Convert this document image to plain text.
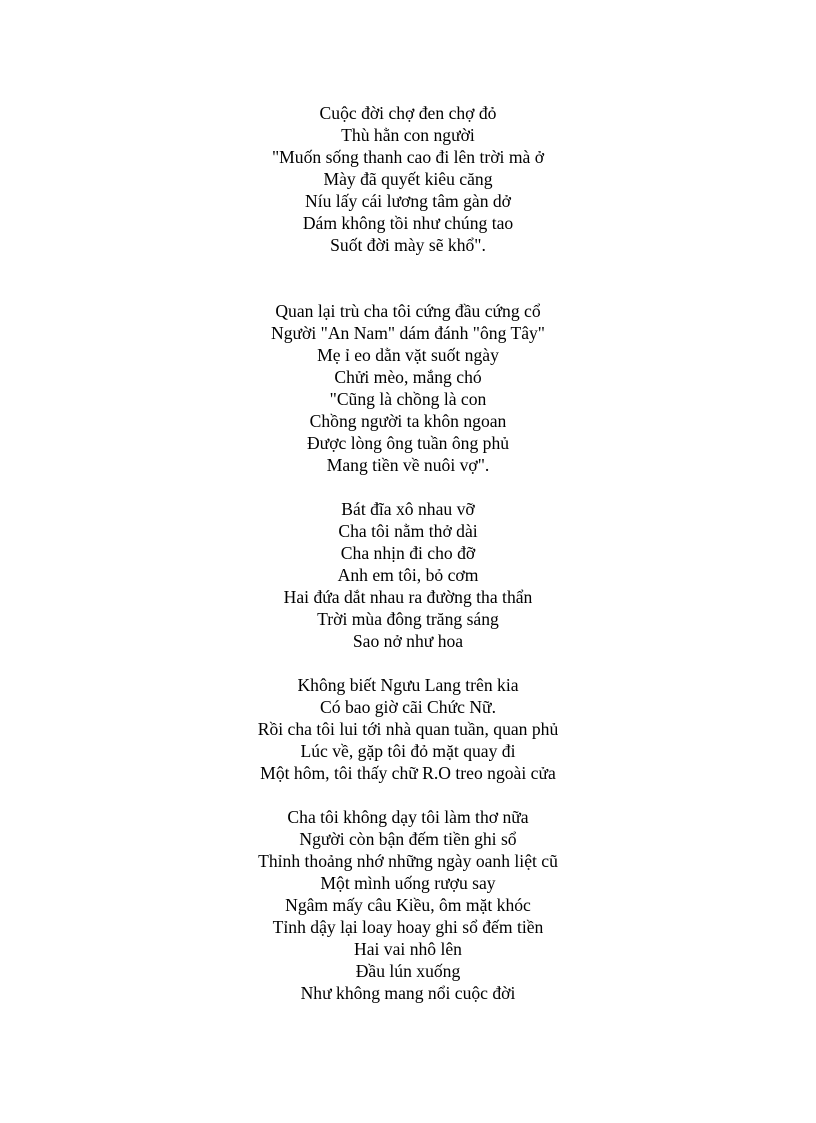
Cuộc đời chợ đen chợ đỏ
Thù hằn con người
"Muốn sống thanh cao đi lên trời mà ở
Mày đã quyết kiêu căng
Níu lấy cái lương tâm gàn dở
Dám không tồi như chúng tao
Suốt đời mày sẽ khổ".
Quan lại trù cha tôi cứng đầu cứng cổ
Người "An Nam" dám đánh "ông Tây"
Mẹ ỉ eo dằn vặt suốt ngày
Chửi mèo, mắng chó
"Cũng là chồng là con
Chồng người ta khôn ngoan
Được lòng ông tuần ông phủ
Mang tiền về nuôi vợ".
Bát đĩa xô nhau vỡ
Cha tôi nằm thở dài
Cha nhịn đi cho đỡ
Anh em tôi, bỏ cơm
Hai đứa dắt nhau ra đường tha thẩn
Trời mùa đông trăng sáng
Sao nở như hoa
Không biết Ngưu Lang trên kia
Có bao giờ cãi Chức Nữ.
Rồi cha tôi lui tới nhà quan tuần, quan phủ
Lúc về, gặp tôi đỏ mặt quay đi
Một hôm, tôi thấy chữ R.O treo ngoài cửa
Cha tôi không dạy tôi làm thơ nữa
Người còn bận đếm tiền ghi sổ
Thỉnh thoảng nhớ những ngày oanh liệt cũ
Một mình uống rượu say
Ngâm mấy câu Kiều, ôm mặt khóc
Tỉnh dậy lại loay hoay ghi sổ đếm tiền
Hai vai nhô lên
Đầu lún xuống
Như không mang nổi cuộc đời
